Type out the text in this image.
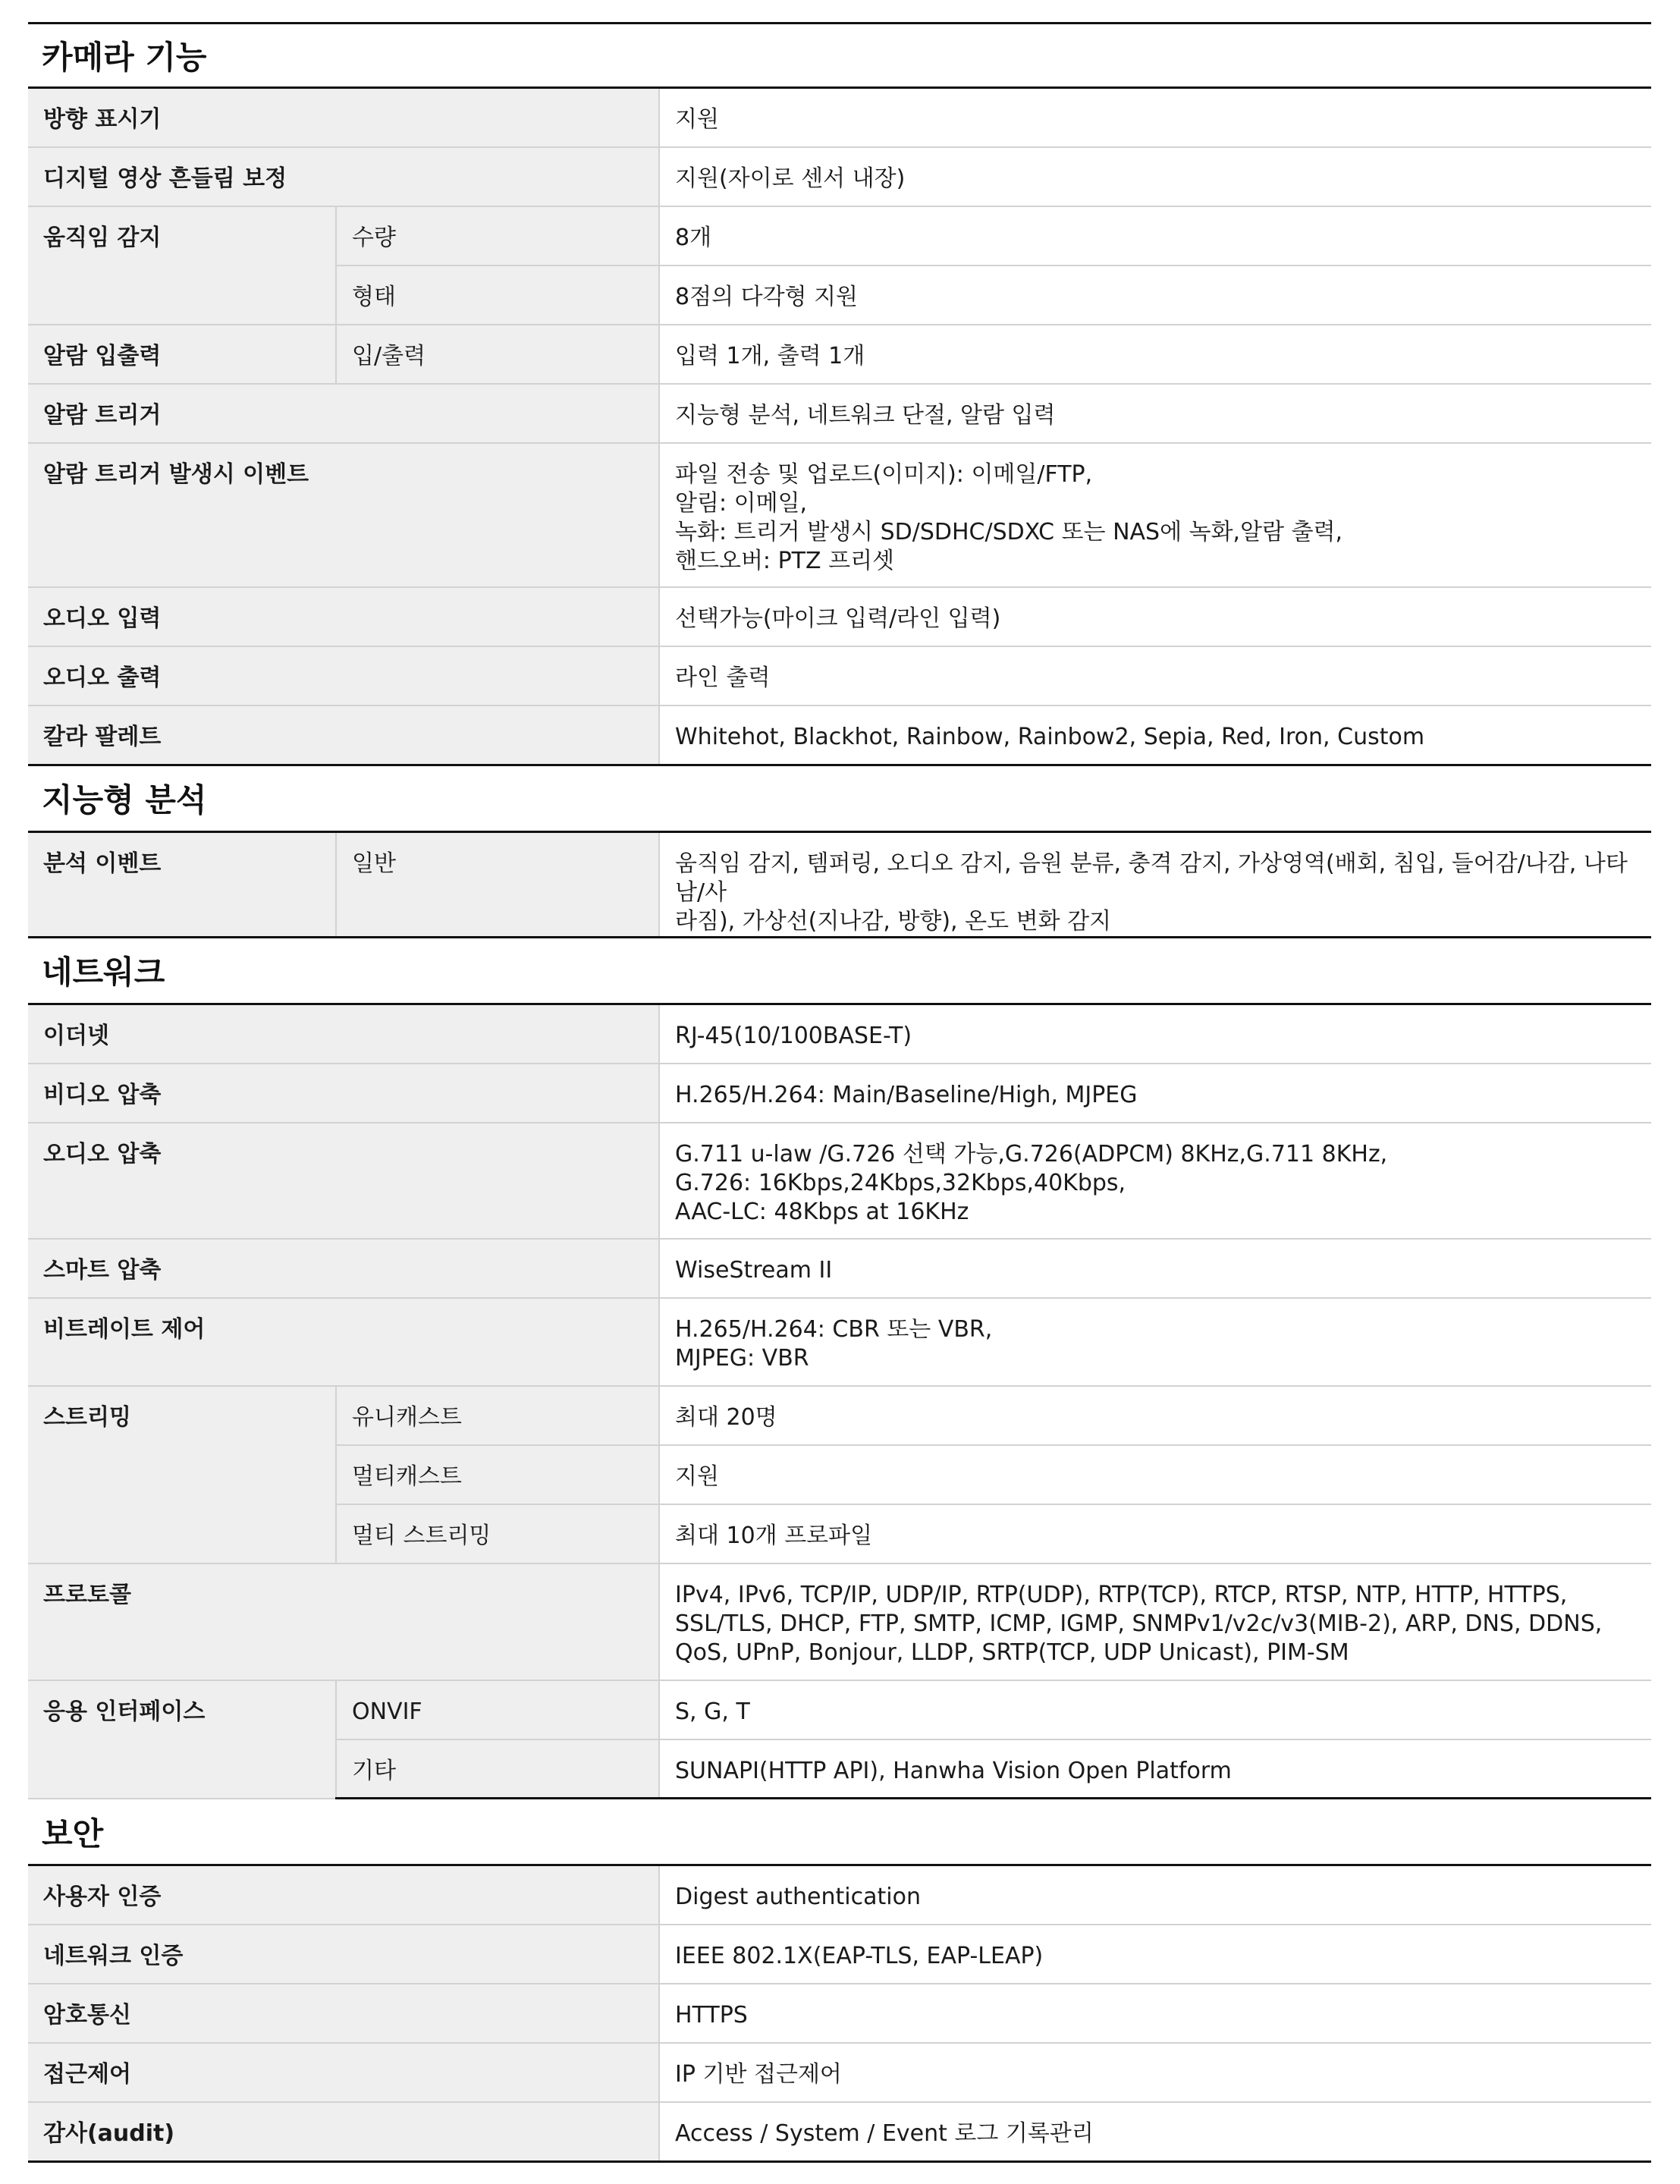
카메라 기능
방향 표시기		지원
디지털 영상 흔들림 보정		지원(자이로 센서 내장)
움직임 감지	수량	8개
	형태	8점의 다각형 지원
알람 입출력	입/출력	입력 1개, 출력 1개
알람 트리거		지능형 분석, 네트워크 단절, 알람 입력
알람 트리거 발생시 이벤트		파일 전송 및 업로드(이미지): 이메일/FTP,
알림: 이메일,
녹화: 트리거 발생시 SD/SDHC/SDXC 또는 NAS에 녹화,알람 출력,
핸드오버: PTZ 프리셋
오디오 입력		선택가능(마이크 입력/라인 입력)
오디오 출력		라인 출력
칼라 팔레트		Whitehot, Blackhot, Rainbow, Rainbow2, Sepia, Red, Iron, Custom
지능형 분석
분석 이벤트	일반	움직임 감지, 템퍼링, 오디오 감지, 음원 분류, 충격 감지, 가상영역(배회, 침입, 들어감/나감, 나타남/사
라짐), 가상선(지나감, 방향), 온도 변화 감지
네트워크
이더넷		RJ-45(10/100BASE-T)
비디오 압축		H.265/H.264: Main/Baseline/High, MJPEG
오디오 압축		G.711 u-law /G.726 선택 가능,G.726(ADPCM) 8KHz,G.711 8KHz,
G.726: 16Kbps,24Kbps,32Kbps,40Kbps,
AAC-LC: 48Kbps at 16KHz
스마트 압축		WiseStream II
비트레이트 제어		H.265/H.264: CBR 또는 VBR,
MJPEG: VBR
스트리밍	유니캐스트	최대 20명
	멀티캐스트	지원
	멀티 스트리밍	최대 10개 프로파일
프로토콜		IPv4, IPv6, TCP/IP, UDP/IP, RTP(UDP), RTP(TCP), RTCP, RTSP, NTP, HTTP, HTTPS,
SSL/TLS, DHCP, FTP, SMTP, ICMP, IGMP, SNMPv1/v2c/v3(MIB-2), ARP, DNS, DDNS,
QoS, UPnP, Bonjour, LLDP, SRTP(TCP, UDP Unicast), PIM-SM
응용 인터페이스	ONVIF	S, G, T
	기타	SUNAPI(HTTP API), Hanwha Vision Open Platform
보안
사용자 인증	Digest authentication
네트워크 인증	IEEE 802.1X(EAP-TLS, EAP-LEAP)
암호통신	HTTPS
접근제어	IP 기반 접근제어
감사(audit)	Access / System / Event 로그 기록관리
